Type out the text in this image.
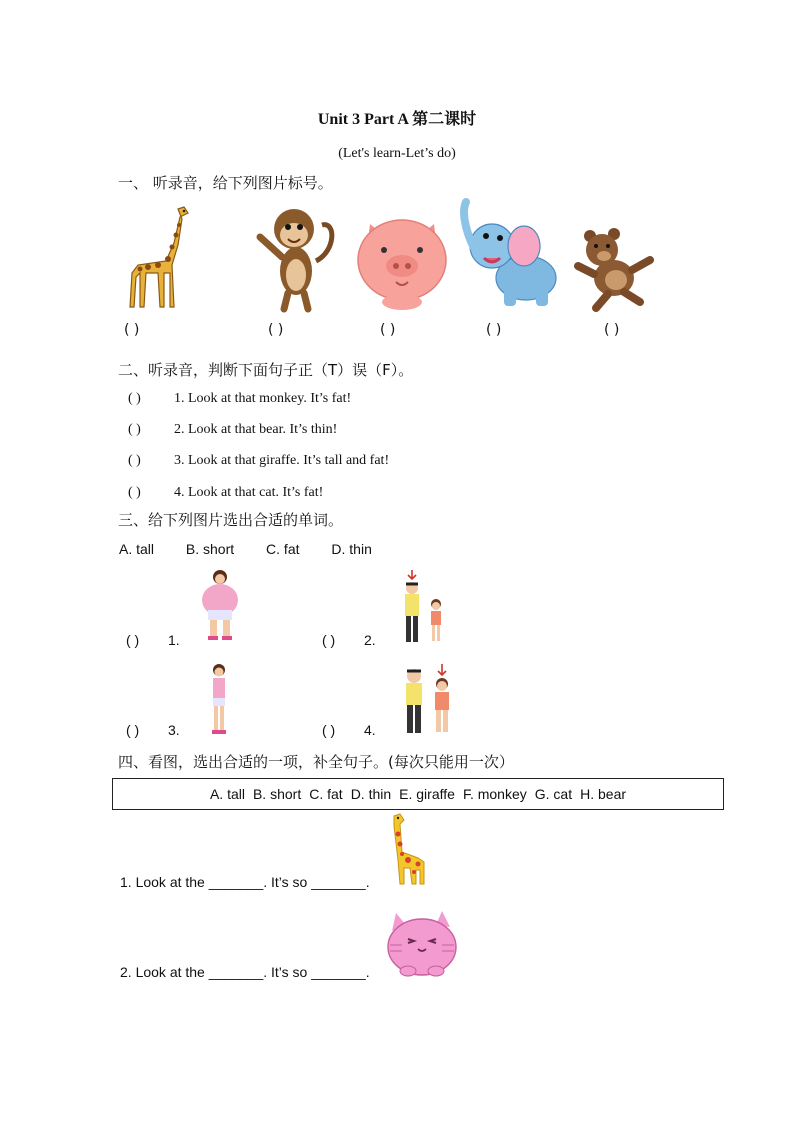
Unit 3 Part A 第二课时
(Let's learn-Let’s do)
一、 听录音，给下列图片标号。
( )	( )	( )	( )	( )
二、听录音，判断下面句子正（T）误（F）。
( ) 1. Look at that monkey. It’s fat!
( ) 2. Look at that bear. It’s thin!
( ) 3. Look at that giraffe. It’s tall and fat!
( ) 4. Look at that cat. It’s fat!
三、给下列图片选出合适的单词。
A. tall B. short C. fat D. thin
( ) 1.	( ) 2.
( ) 3.	( ) 4.
四、看图，选出合适的一项，补全句子。(每次只能用一次）
A. tall B. short C. fat D. thin E. giraffe F. monkey G. cat H. bear
1. Look at the _______. It’s so _______.
2. Look at the _______. It’s so _______.
